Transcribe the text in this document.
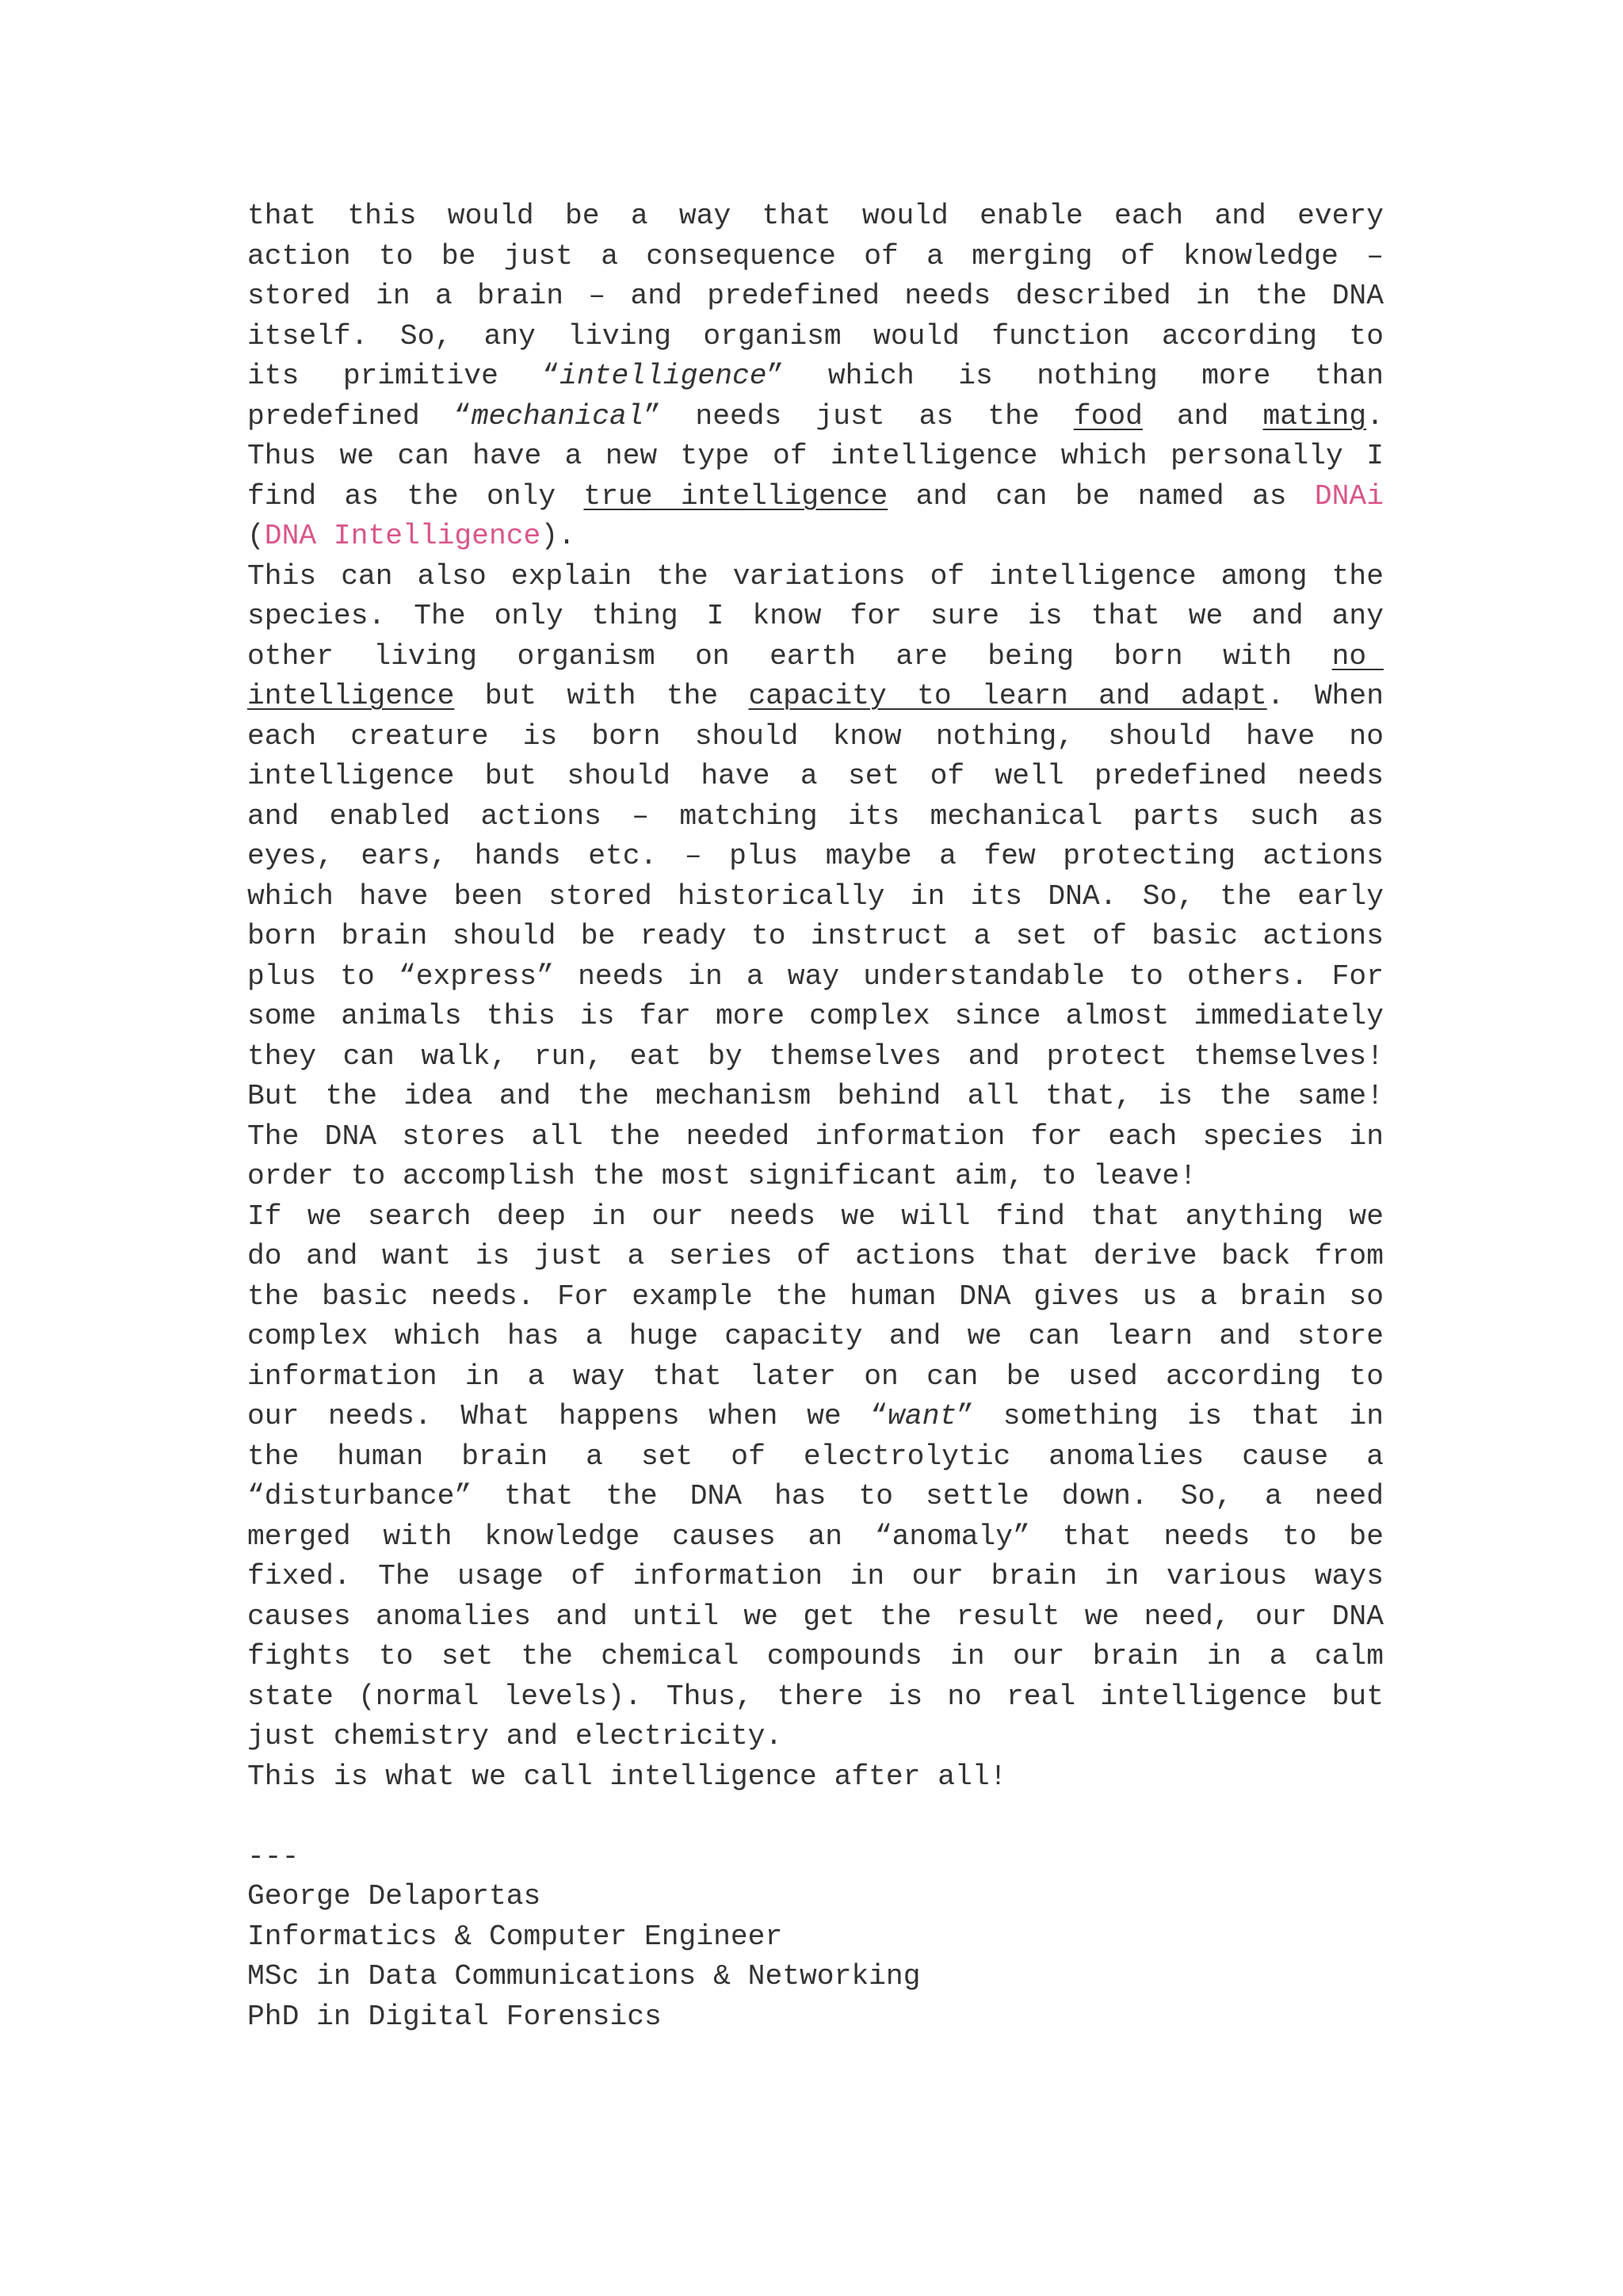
that this would be a way that would enable each and every
action to be just a consequence of a merging of knowledge –
stored in a brain – and predefined needs described in the DNA
itself. So, any living organism would function according to
its primitive “intelligence” which is nothing more than
predefined “mechanical” needs just as the food and mating.
Thus we can have a new type of intelligence which personally I
find as the only true intelligence and can be named as DNAi
(DNA Intelligence).
This can also explain the variations of intelligence among the
species. The only thing I know for sure is that we and any
other living organism on earth are being born with no
intelligence but with the capacity to learn and adapt. When
each creature is born should know nothing, should have no
intelligence but should have a set of well predefined needs
and enabled actions – matching its mechanical parts such as
eyes, ears, hands etc. – plus maybe a few protecting actions
which have been stored historically in its DNA. So, the early
born brain should be ready to instruct a set of basic actions
plus to “express” needs in a way understandable to others. For
some animals this is far more complex since almost immediately
they can walk, run, eat by themselves and protect themselves!
But the idea and the mechanism behind all that, is the same!
The DNA stores all the needed information for each species in
order to accomplish the most significant aim, to leave!
If we search deep in our needs we will find that anything we
do and want is just a series of actions that derive back from
the basic needs. For example the human DNA gives us a brain so
complex which has a huge capacity and we can learn and store
information in a way that later on can be used according to
our needs. What happens when we “want” something is that in
the human brain a set of electrolytic anomalies cause a
“disturbance” that the DNA has to settle down. So, a need
merged with knowledge causes an “anomaly” that needs to be
fixed. The usage of information in our brain in various ways
causes anomalies and until we get the result we need, our DNA
fights to set the chemical compounds in our brain in a calm
state (normal levels). Thus, there is no real intelligence but
just chemistry and electricity.
This is what we call intelligence after all!
---
George Delaportas
Informatics & Computer Engineer
MSc in Data Communications & Networking
PhD in Digital Forensics
